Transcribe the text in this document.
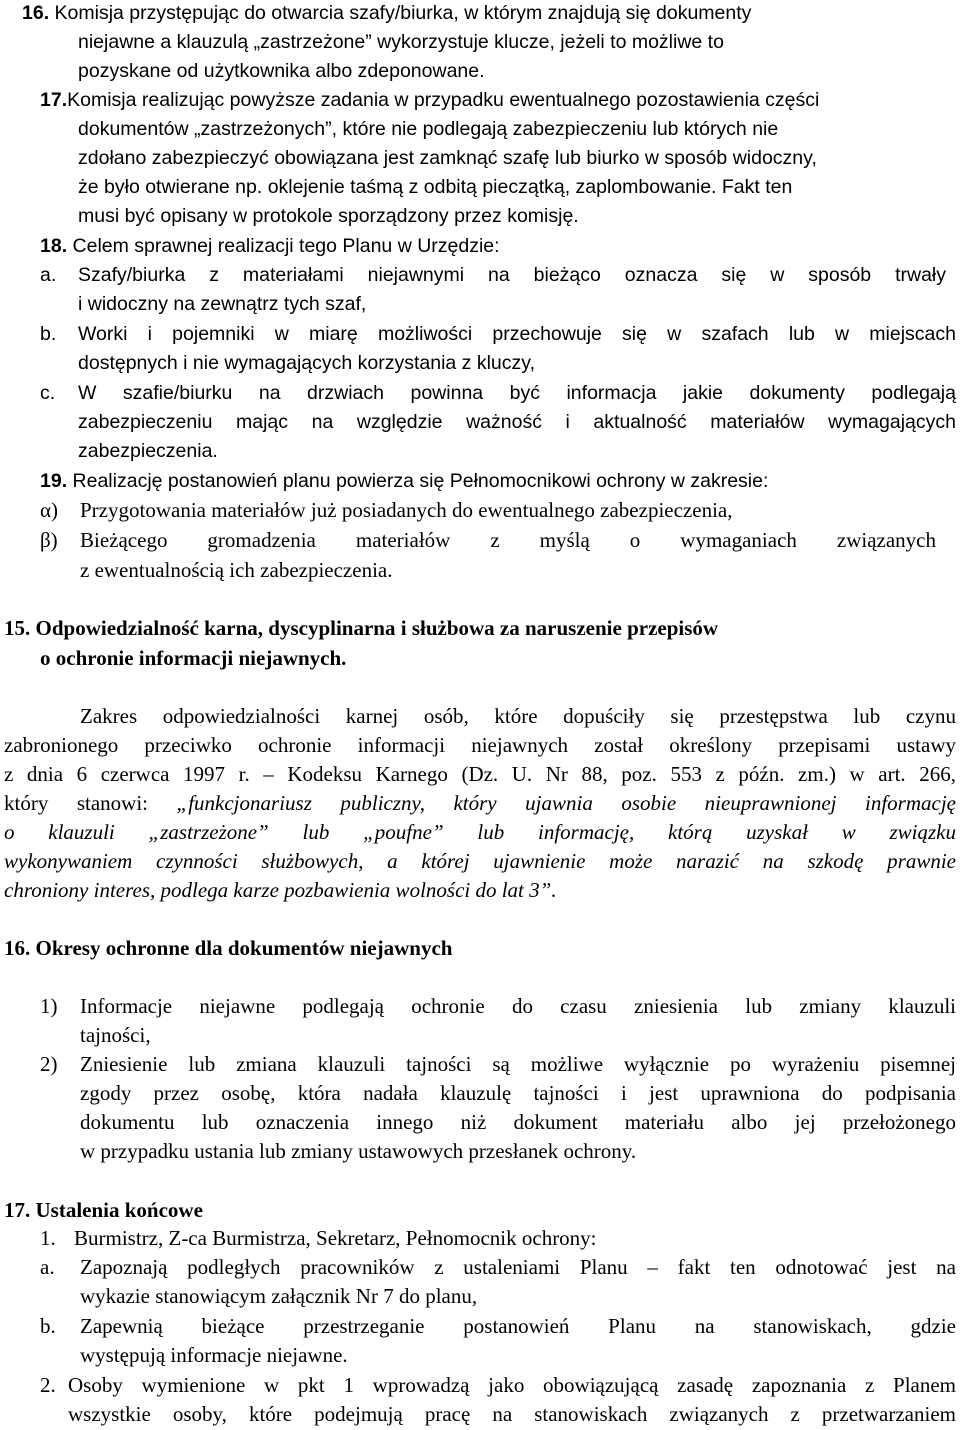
16. Komisja przystępując do otwarcia szafy/biurka, w którym znajdują się dokumenty
niejawne a klauzulą „zastrzeżone” wykorzystuje klucze, jeżeli to możliwe to
pozyskane od użytkownika albo zdeponowane.
17.Komisja realizując powyższe zadania w przypadku ewentualnego pozostawienia części
dokumentów „zastrzeżonych”, które nie podlegają zabezpieczeniu lub których nie
zdołano zabezpieczyć obowiązana jest zamknąć szafę lub biurko w sposób widoczny,
że było otwierane np. oklejenie taśmą z odbitą pieczątką, zaplombowanie. Fakt ten
musi być opisany w protokole sporządzony przez komisję.
18. Celem sprawnej realizacji tego Planu w Urzędzie:
a. Szafy/biurka z materiałami niejawnymi na bieżąco oznacza się w sposób trwały
i widoczny na zewnątrz tych szaf,
b. Worki i pojemniki w miarę możliwości przechowuje się w szafach lub w miejscach
dostępnych i nie wymagających korzystania z kluczy,
c. W szafie/biurku na drzwiach powinna być informacja jakie dokumenty podlegają
zabezpieczeniu mając na względzie ważność i aktualność materiałów wymagających
zabezpieczenia.
19. Realizację postanowień planu powierza się Pełnomocnikowi ochrony w zakresie:
α) Przygotowania materiałów już posiadanych do ewentualnego zabezpieczenia,
β) Bieżącego gromadzenia materiałów z myślą o wymaganiach związanych
z ewentualnością ich zabezpieczenia.
15. Odpowiedzialność karna, dyscyplinarna i służbowa za naruszenie przepisów
o ochronie informacji niejawnych.
Zakres odpowiedzialności karnej osób, które dopuściły się przestępstwa lub czynu
zabronionego przeciwko ochronie informacji niejawnych został określony przepisami ustawy
z dnia 6 czerwca 1997 r. – Kodeksu Karnego (Dz. U. Nr 88, poz. 553 z późn. zm.) w art. 266,
który stanowi: „funkcjonariusz publiczny, który ujawnia osobie nieuprawnionej informację
o klauzuli „zastrzeżone” lub „poufne” lub informację, którą uzyskał w związku
wykonywaniem czynności służbowych, a której ujawnienie może narazić na szkodę prawnie
chroniony interes, podlega karze pozbawienia wolności do lat 3”.
16. Okresy ochronne dla dokumentów niejawnych
1) Informacje niejawne podlegają ochronie do czasu zniesienia lub zmiany klauzuli
tajności,
2) Zniesienie lub zmiana klauzuli tajności są możliwe wyłącznie po wyrażeniu pisemnej
zgody przez osobę, która nadała klauzulę tajności i jest uprawniona do podpisania
dokumentu lub oznaczenia innego niż dokument materiału albo jej przełożonego
w przypadku ustania lub zmiany ustawowych przesłanek ochrony.
17. Ustalenia końcowe
1. Burmistrz, Z-ca Burmistrza, Sekretarz, Pełnomocnik ochrony:
a. Zapoznają podległych pracowników z ustaleniami Planu – fakt ten odnotować jest na
wykazie stanowiącym załącznik Nr 7 do planu,
b. Zapewnią bieżące przestrzeganie postanowień Planu na stanowiskach, gdzie
występują informacje niejawne.
2. Osoby wymienione w pkt 1 wprowadzą jako obowiązującą zasadę zapoznania z Planem
wszystkie osoby, które podejmują pracę na stanowiskach związanych z przetwarzaniem
